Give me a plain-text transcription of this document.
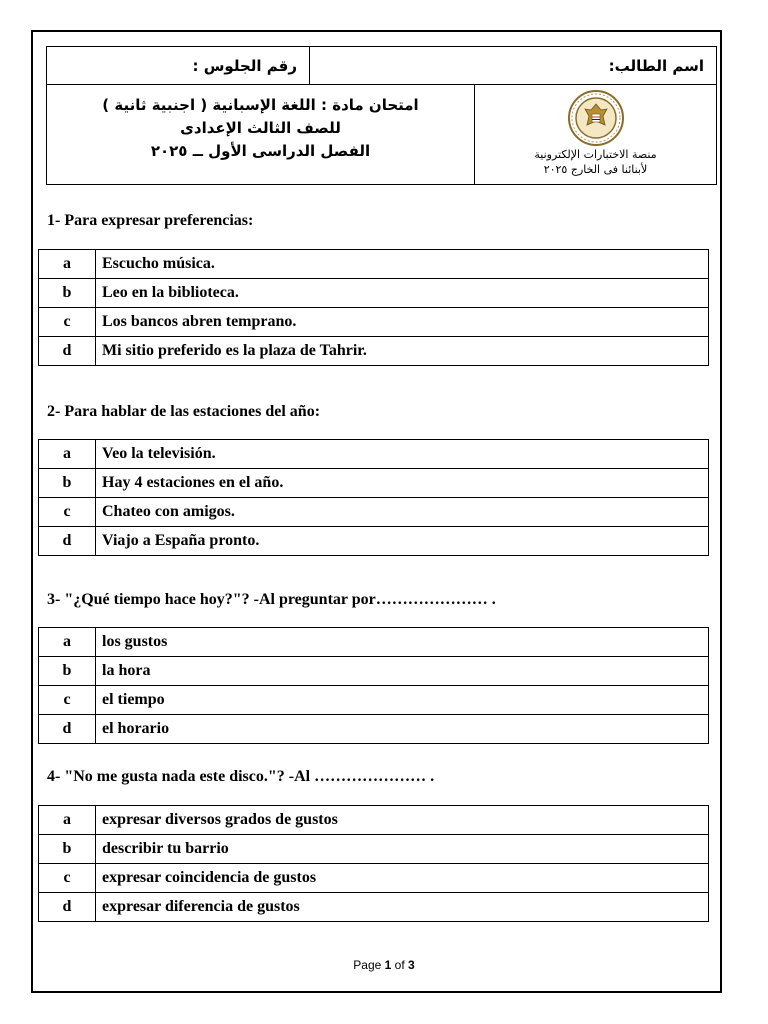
رقم الجلوس :	اسم الطالب:
امتحان مادة : اللغة الإسبانية ( اجنبية ثانية )
للصف الثالث الإعدادى
الفصل الدراسى الأول ــ ٢٠٢٥	منصة الاختبارات الإلكترونية
لأبنائنا فى الخارج ٢٠٢٥
1- Para expresar preferencias:
a	Escucho música.
b	Leo en la biblioteca.
c	Los bancos abren temprano.
d	Mi sitio preferido es la plaza de Tahrir.
2- Para hablar de las estaciones del año:
a	Veo la televisión.
b	Hay 4 estaciones en el año.
c	Chateo con amigos.
d	Viajo a España pronto.
3- "¿Qué tiempo hace hoy?"? -Al preguntar por………………… .
a	los gustos
b	la hora
c	el tiempo
d	el horario
4- "No me gusta nada este disco."? -Al ………………… .
a	expresar diversos grados de gustos
b	describir tu barrio
c	expresar coincidencia de gustos
d	expresar diferencia de gustos
Page 1 of 3
